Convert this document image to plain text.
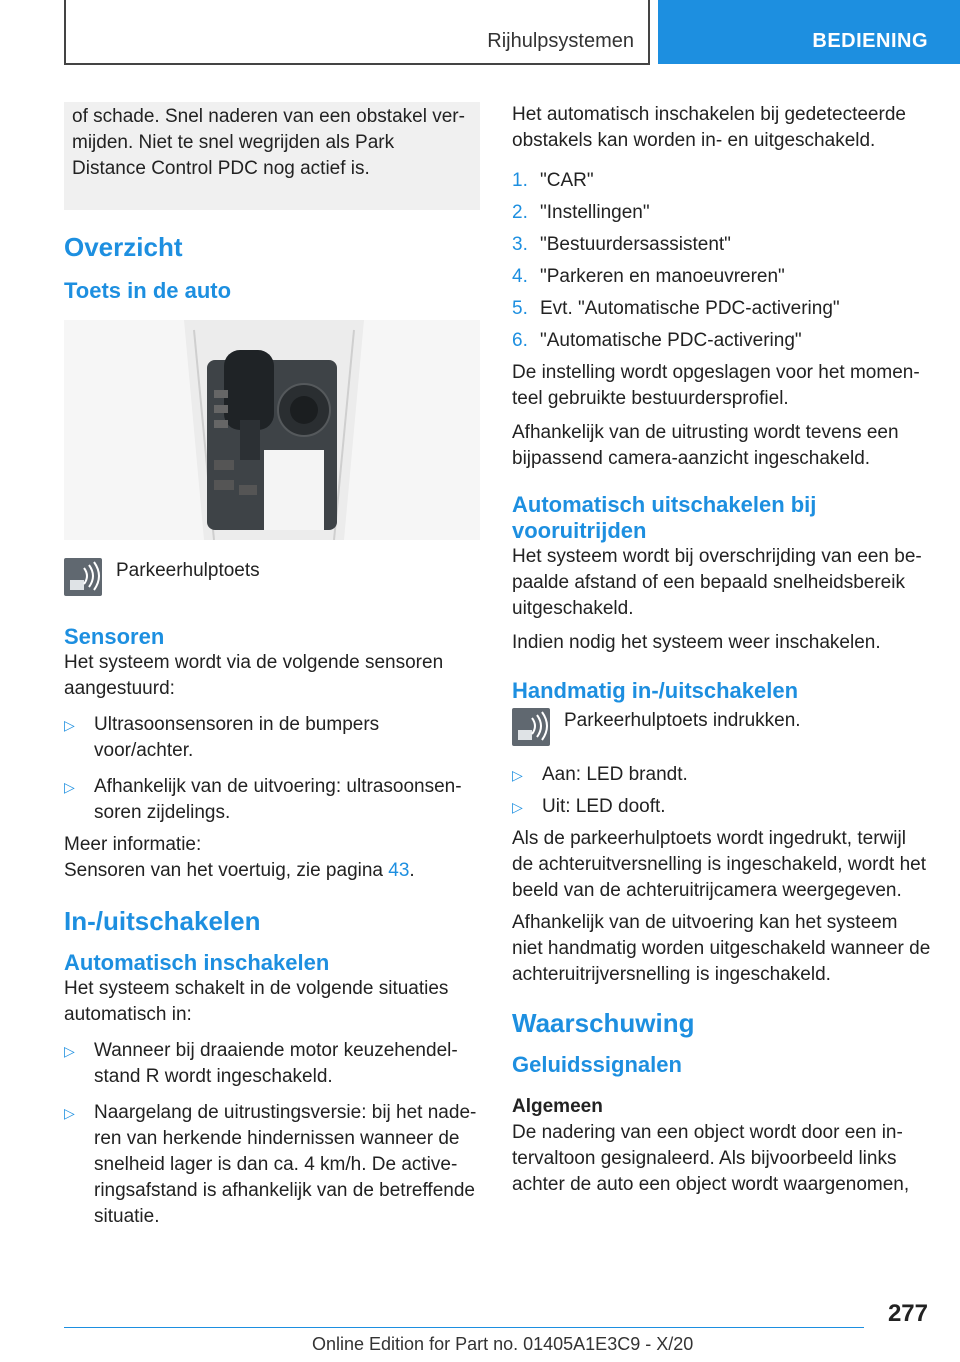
Rijhulpsystemen	BEDIENING

of schade. Snel naderen van een obstakel ver-mijden. Niet te snel wegrijden als Park Distance Control PDC nog actief is.

Overzicht
Toets in de auto
Parkeerhulptoets
Sensoren

Het systeem wordt via de volgende sensoren aangestuurd:

▷ Ultrasoonsensoren in de bumpers voor/achter.
▷ Afhankelijk van de uitvoering: ultrasoonsen-soren zijdelings.

Meer informatie:

Sensoren van het voertuig, zie pagina 43.

In-/uitschakelen
Automatisch inschakelen

Het systeem schakelt in de volgende situaties automatisch in:

▷ Wanneer bij draaiende motor keuzehendel-stand R wordt ingeschakeld.
▷ Naargelang de uitrustingsversie: bij het nade-ren van herkende hindernissen wanneer de snelheid lager is dan ca. 4 km/h. De active-ringsafstand is afhankelijk van de betreffende situatie.

Het automatisch inschakelen bij gedetecteerde obstakels kan worden in- en uitgeschakeld.

1. "CAR"
2. "Instellingen"
3. "Bestuurdersassistent"
4. "Parkeren en manoeuvreren"
5. Evt. "Automatische PDC-activering"
6. "Automatische PDC-activering"

De instelling wordt opgeslagen voor het momen-teel gebruikte bestuurdersprofiel.

Afhankelijk van de uitrusting wordt tevens een bijpassend camera-aanzicht ingeschakeld.

Automatisch uitschakelen bij vooruitrijden

Het systeem wordt bij overschrijding van een be-paalde afstand of een bepaald snelheidsbereik uitgeschakeld.

Indien nodig het systeem weer inschakelen.

Handmatig in-/uitschakelen
Parkeerhulptoets indrukken.
▷ Aan: LED brandt.
▷ Uit: LED dooft.

Als de parkeerhulptoets wordt ingedrukt, terwijl de achteruitversnelling is ingeschakeld, wordt het beeld van de achteruitrijcamera weergegeven.

Afhankelijk van de uitvoering kan het systeem niet handmatig worden uitgeschakeld wanneer de achteruitrijversnelling is ingeschakeld.

Waarschuwing
Geluidssignalen

Algemeen

De nadering van een object wordt door een in-tervaltoon gesignaleerd. Als bijvoorbeeld links achter de auto een object wordt waargenomen,

277
Online Edition for Part no. 01405A1E3C9 - X/20
